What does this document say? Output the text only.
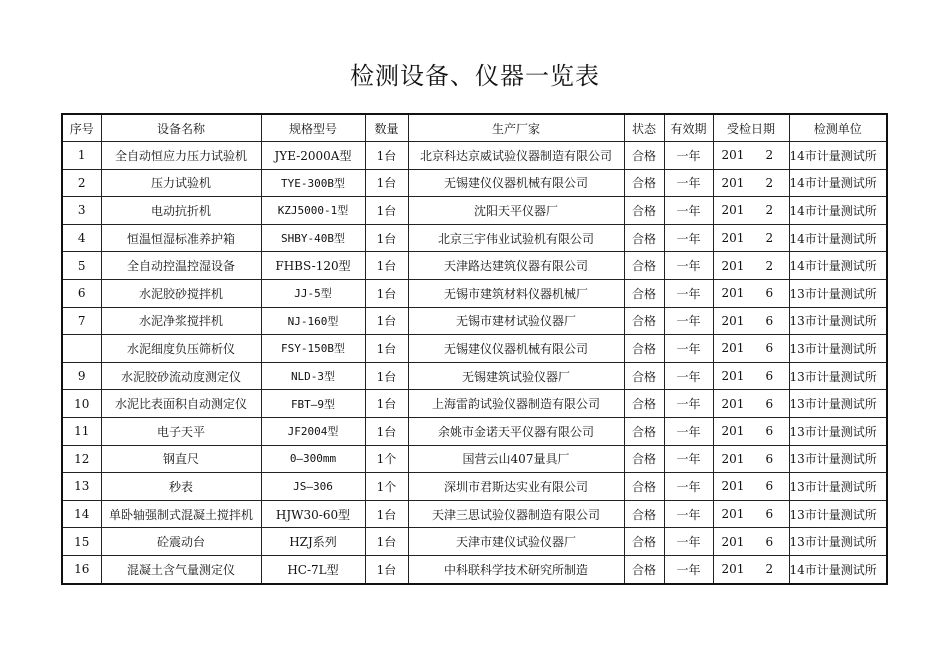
检测设备、仪器一览表
序号	设备名称	规格型号	数量	生产厂家	状态	有效期	受检日期	检测单位
1	全自动恒应力压力试验机	JYE-2000A型	1台	北京科达京威试验仪器制造有限公司	合格	一年	201 2	14市计量测试所
2	压力试验机	TYE-300B型	1台	无锡建仪仪器机械有限公司	合格	一年	201 2	14市计量测试所
3	电动抗折机	KZJ5000-1型	1台	沈阳天平仪器厂	合格	一年	201 2	14市计量测试所
4	恒温恒湿标准养护箱	SHBY-40B型	1台	北京三宇伟业试验机有限公司	合格	一年	201 2	14市计量测试所
5	全自动控温控湿设备	FHBS-120型	1台	天津路达建筑仪器有限公司	合格	一年	201 2	14市计量测试所
6	水泥胶砂搅拌机	JJ-5型	1台	无锡市建筑材料仪器机械厂	合格	一年	201 6	13市计量测试所
7	水泥净浆搅拌机	NJ-160型	1台	无锡市建材试验仪器厂	合格	一年	201 6	13市计量测试所
	水泥细度负压筛析仪	FSY-150B型	1台	无锡建仪仪器机械有限公司	合格	一年	201 6	13市计量测试所
9	水泥胶砂流动度测定仪	NLD-3型	1台	无锡建筑试验仪器厂	合格	一年	201 6	13市计量测试所
10	水泥比表面积自动测定仪	FBT—9型	1台	上海雷韵试验仪器制造有限公司	合格	一年	201 6	13市计量测试所
11	电子天平	JF2004型	1台	余姚市金诺天平仪器有限公司	合格	一年	201 6	13市计量测试所
12	钢直尺	0—300mm	1个	国营云山407量具厂	合格	一年	201 6	13市计量测试所
13	秒表	JS—306	1个	深圳市君斯达实业有限公司	合格	一年	201 6	13市计量测试所
14	单卧轴强制式混凝土搅拌机	HJW30-60型	1台	天津三思试验仪器制造有限公司	合格	一年	201 6	13市计量测试所
15	砼震动台	HZJ系列	1台	天津市建仪试验仪器厂	合格	一年	201 6	13市计量测试所
16	混凝土含气量测定仪	HC-7L型	1台	中科联科学技术研究所制造	合格	一年	201 2	14市计量测试所
